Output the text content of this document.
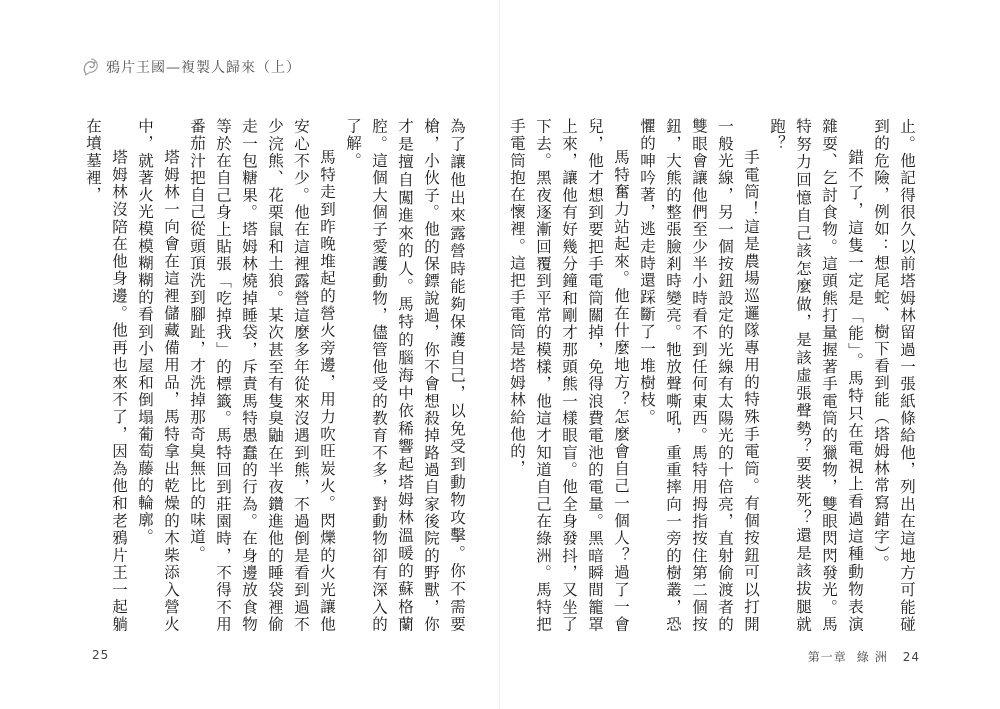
鴉片王國—複製人歸來（上）

為了讓他出來露營時能夠保護自己，以免受到動物攻擊。你不需要槍，小伙子。他的保鏢說過，你不會想殺掉路過自家後院的野獸，你才是擅自闖進來的人。馬特的腦海中依稀響起塔姆林溫暖的蘇格蘭腔。這個大個子愛護動物，儘管他受的教育不多，對動物卻有深入的了解。

馬特走到昨晚堆起的營火旁邊，用力吹旺炭火。閃爍的火光讓他安心不少。他在這裡露營這麼多年從來沒遇到熊，不過倒是看到過不少浣熊、花栗鼠和土狼。某次甚至有隻臭鼬在半夜鑽進他的睡袋裡偷走一包糖果。塔姆林燒掉睡袋，斥責馬特愚蠢的行為。在身邊放食物等於在自己身上貼張「吃掉我」的標籤。馬特回到莊園時，不得不用番茄汁把自己從頭頂洗到腳趾，才洗掉那奇臭無比的味道。

塔姆林一向會在這裡儲藏備用品，馬特拿出乾燥的木柴添入營火中，就著火光模模糊糊的看到小屋和倒塌葡萄藤的輪廓。

塔姆林沒陪在他身邊。他再也來不了，因為他和老鴉片王一起躺在墳墓裡，

25

止。他記得很久以前塔姆林留過一張紙條給他，列出在這地方可能碰到的危險，例如：想尾蛇、樹下看到能（塔姆林常寫錯字）。

錯不了，這隻一定是「能」。馬特只在電視上看過這種動物表演雜耍、乞討食物。這頭熊打量握著手電筒的獵物，雙眼閃閃發光。馬特努力回憶自己該怎麼做，是該虛張聲勢？要裝死？還是該拔腿就跑？

手電筒！這是農場巡邏隊專用的特殊手電筒。有個按鈕可以打開一般光線，另一個按鈕設定的光線有太陽光的十倍亮，直射偷渡者的雙眼會讓他們至少半小時看不到任何東西。馬特用拇指按住第二個按鈕，大熊的整張臉剎時變亮。牠放聲嘶吼，重重摔向一旁的樹叢，恐懼的呻吟著，逃走時還踩斷了一堆樹枝。

馬特奮力站起來。他在什麼地方？怎麼會自己一個人？過了一會兒，他才想到要把手電筒關掉，免得浪費電池的電量。黑暗瞬間籠罩上來，讓他有好幾分鐘和剛才那頭熊一樣眼盲。他全身發抖，又坐了下去。黑夜逐漸回覆到平常的模樣，他這才知道自己在綠洲。馬特把手電筒抱在懷裡。這把手電筒是塔姆林給他的，

第一章 綠洲 24
